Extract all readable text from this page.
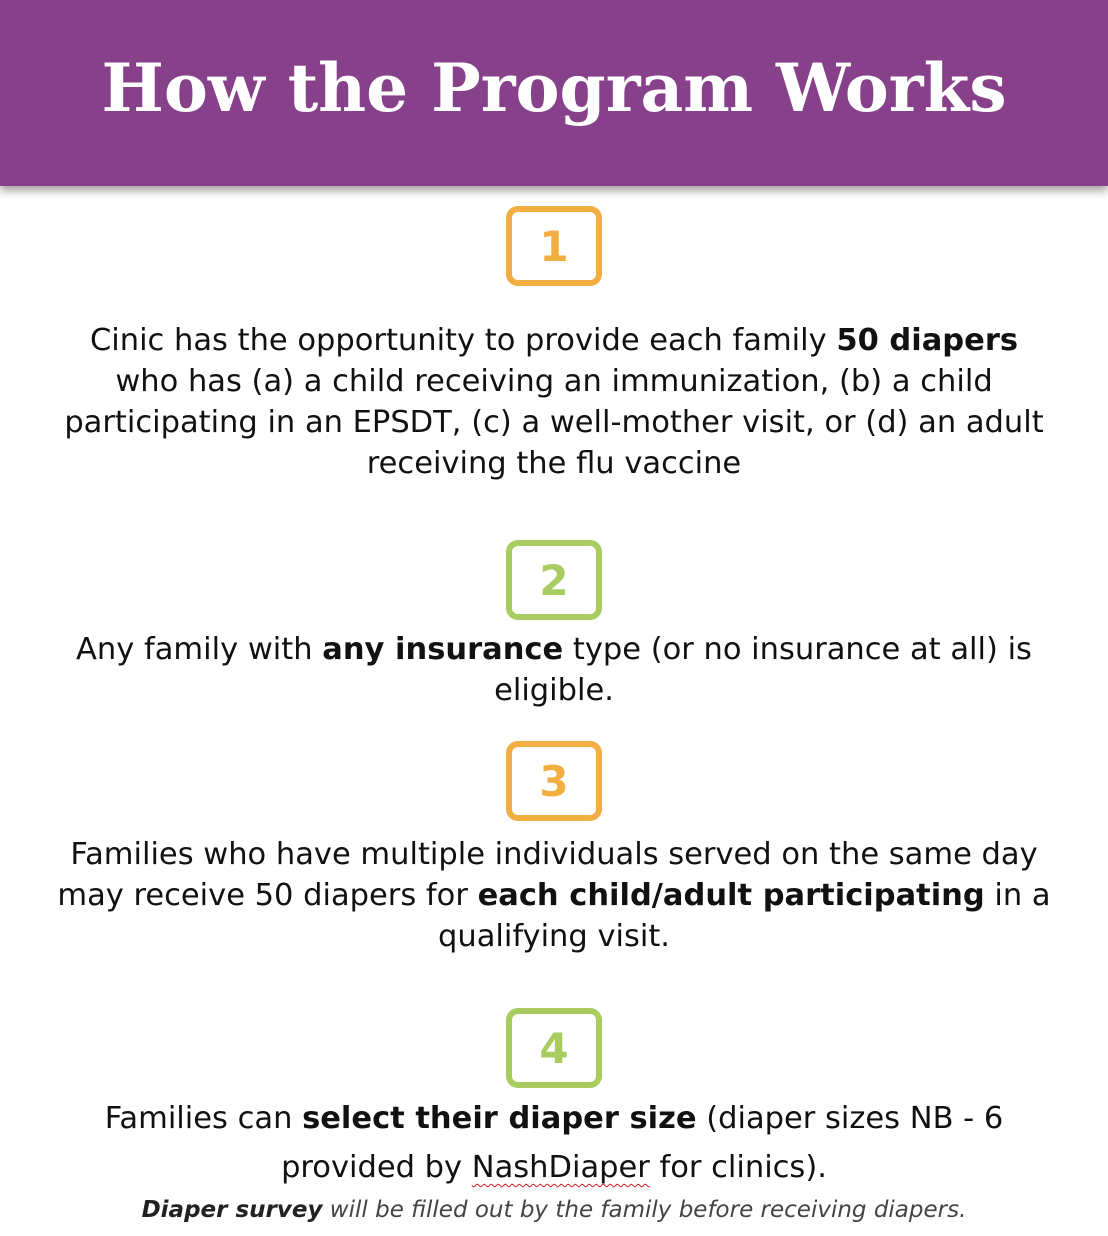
How the Program Works
1

Cinic has the opportunity to provide each family 50 diapers who has (a) a child receiving an immunization, (b) a child participating in an EPSDT, (c) a well-mother visit, or (d) an adult receiving the flu vaccine

2

Any family with any insurance type (or no insurance at all) is eligible.

3

Families who have multiple individuals served on the same day may receive 50 diapers for each child/adult participating in a qualifying visit.

4

Families can select their diaper size (diaper sizes NB - 6 provided by NashDiaper for clinics).

Diaper survey will be filled out by the family before receiving diapers.
